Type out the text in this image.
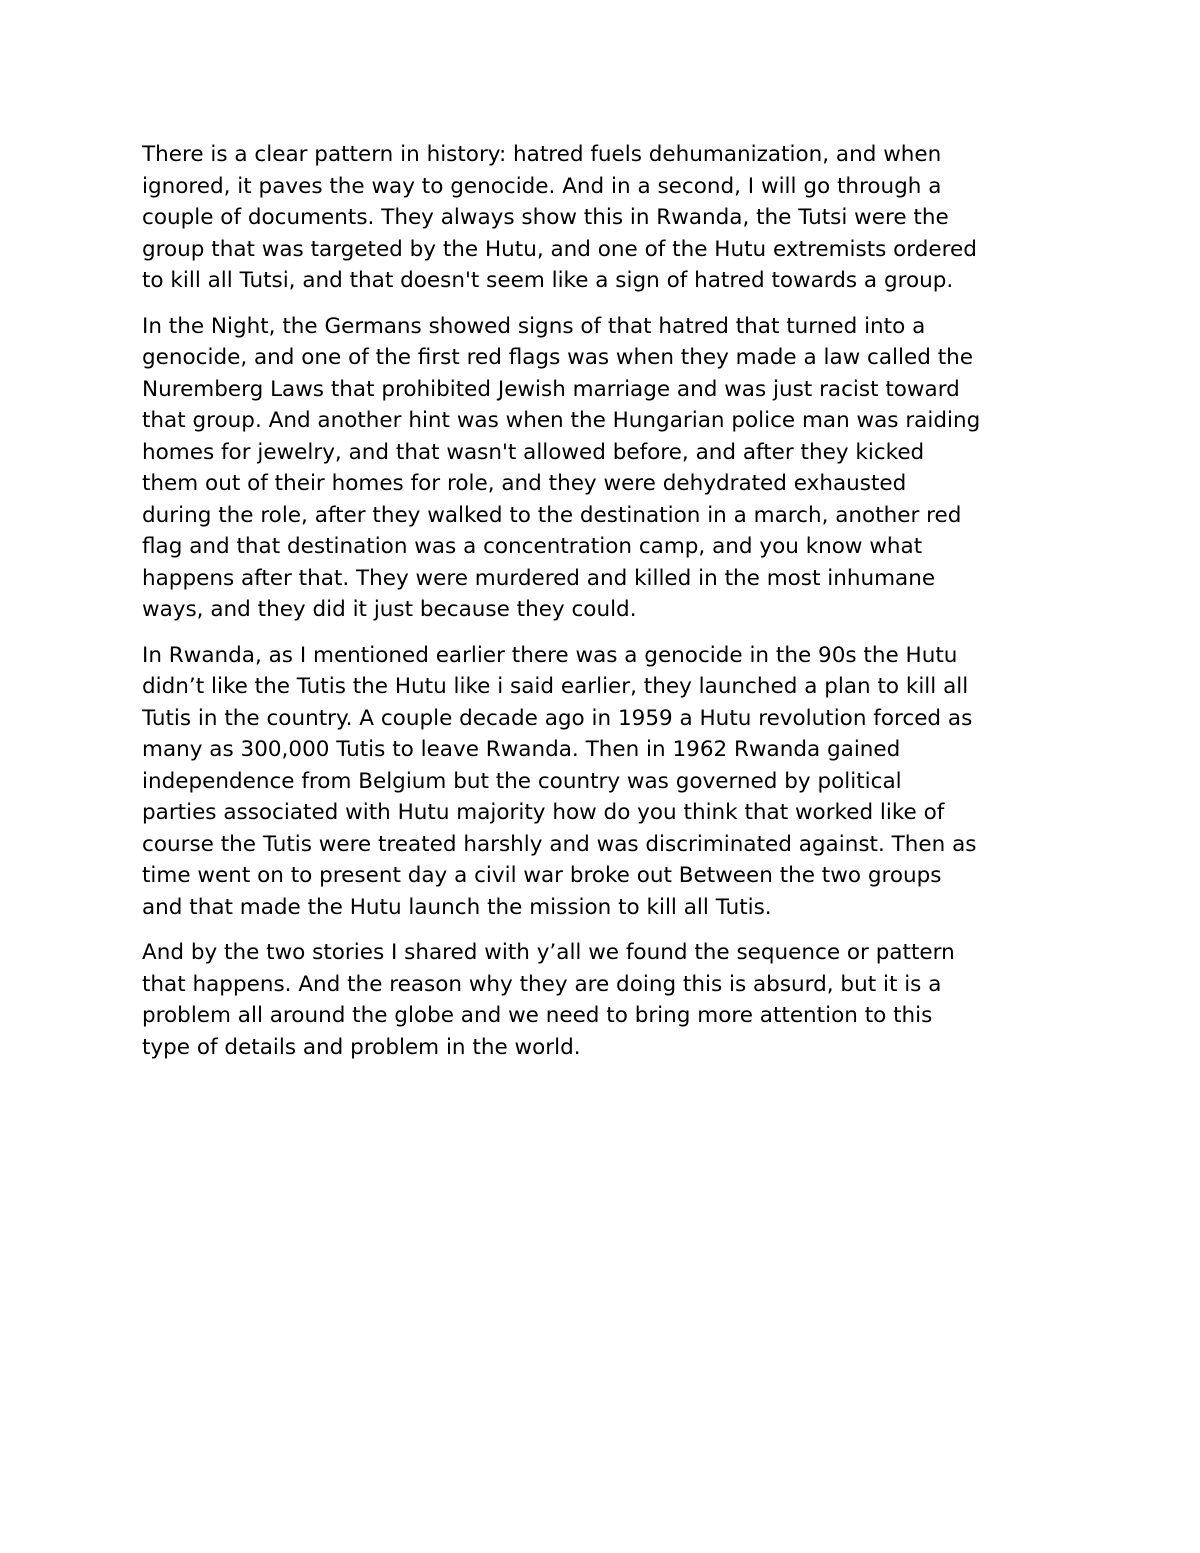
There is a clear pattern in history: hatred fuels dehumanization, and when
ignored, it paves the way to genocide. And in a second, I will go through a
couple of documents. They always show this in Rwanda, the Tutsi were the
group that was targeted by the Hutu, and one of the Hutu extremists ordered
to kill all Tutsi, and that doesn't seem like a sign of hatred towards a group.

In the Night, the Germans showed signs of that hatred that turned into a
genocide, and one of the first red flags was when they made a law called the
Nuremberg Laws that prohibited Jewish marriage and was just racist toward
that group. And another hint was when the Hungarian police man was raiding
homes for jewelry, and that wasn't allowed before, and after they kicked
them out of their homes for role, and they were dehydrated exhausted
during the role, after they walked to the destination in a march, another red
flag and that destination was a concentration camp, and you know what
happens after that. They were murdered and killed in the most inhumane
ways, and they did it just because they could.

In Rwanda, as I mentioned earlier there was a genocide in the 90s the Hutu
didn’t like the Tutis the Hutu like i said earlier, they launched a plan to kill all
Tutis in the country. A couple decade ago in 1959 a Hutu revolution forced as
many as 300,000 Tutis to leave Rwanda. Then in 1962 Rwanda gained
independence from Belgium but the country was governed by political
parties associated with Hutu majority how do you think that worked like of
course the Tutis were treated harshly and was discriminated against. Then as
time went on to present day a civil war broke out Between the two groups
and that made the Hutu launch the mission to kill all Tutis.

And by the two stories I shared with y’all we found the sequence or pattern
that happens. And the reason why they are doing this is absurd, but it is a
problem all around the globe and we need to bring more attention to this
type of details and problem in the world.
